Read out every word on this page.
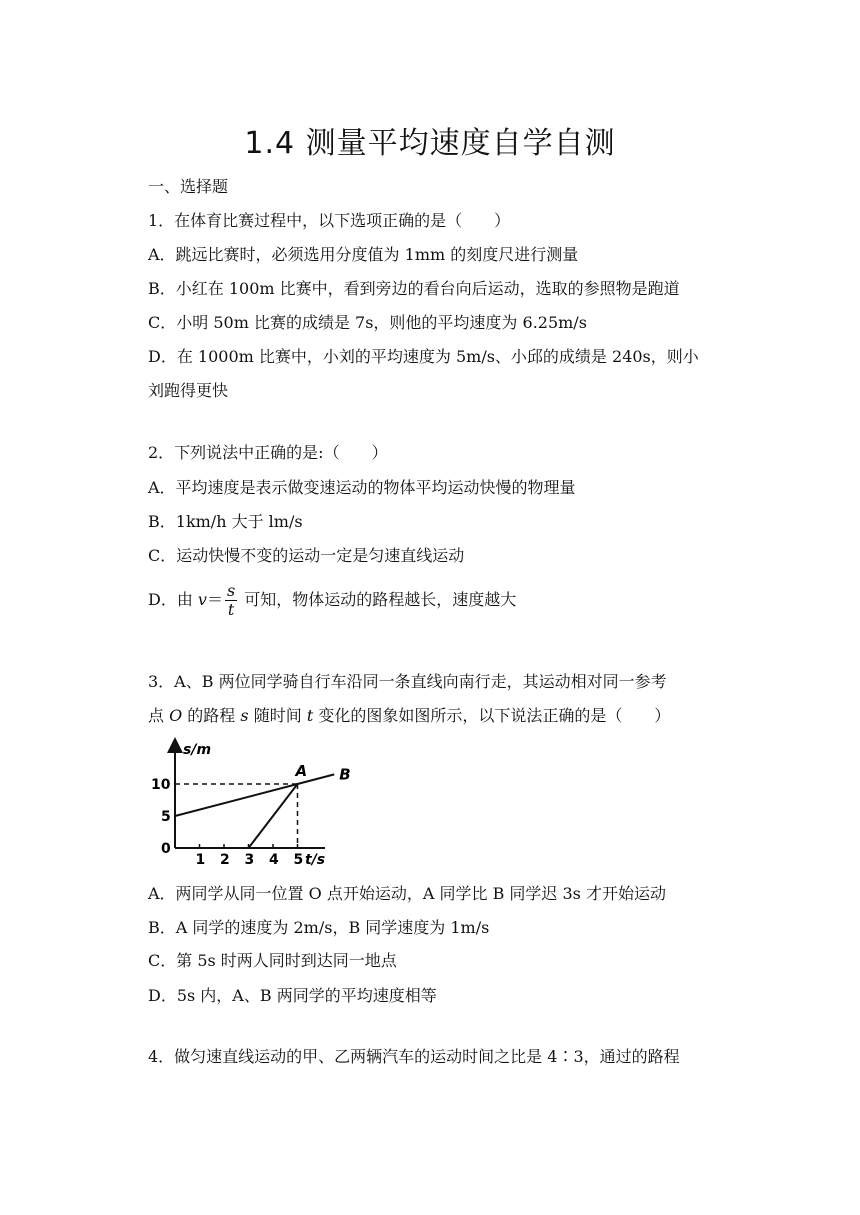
1.4 测量平均速度自学自测
一、选择题
1．在体育比赛过程中，以下选项正确的是（　　）
A．跳远比赛时，必须选用分度值为 1mm 的刻度尺进行测量
B．小红在 100m 比赛中，看到旁边的看台向后运动，选取的参照物是跑道
C．小明 50m 比赛的成绩是 7s，则他的平均速度为 6.25m/s
D．在 1000m 比赛中，小刘的平均速度为 5m/s、小邱的成绩是 240s，则小
刘跑得更快
2．下列说法中正确的是:（　　）
A．平均速度是表示做变速运动的物体平均运动快慢的物理量
B．1km/h 大于 lm/s
C．运动快慢不变的运动一定是匀速直线运动
D．由 $v= \frac{s}{t}$ 可知，物体运动的路程越长，速度越大
3．A、B 两位同学骑自行车沿同一条直线向南行走，其运动相对同一参考
点 O 的路程 s 随时间 t 变化的图象如图所示，以下说法正确的是（　　）
1 2 3 4 5
0
5
10
A B
s/m
t/s
A．两同学从同一位置 O 点开始运动，A 同学比 B 同学迟 3s 才开始运动
B．A 同学的速度为 2m/s，B 同学速度为 1m/s
C．第 5s 时两人同时到达同一地点
D．5s 内，A、B 两同学的平均速度相等
4．做匀速直线运动的甲、乙两辆汽车的运动时间之比是 4∶3，通过的路程
